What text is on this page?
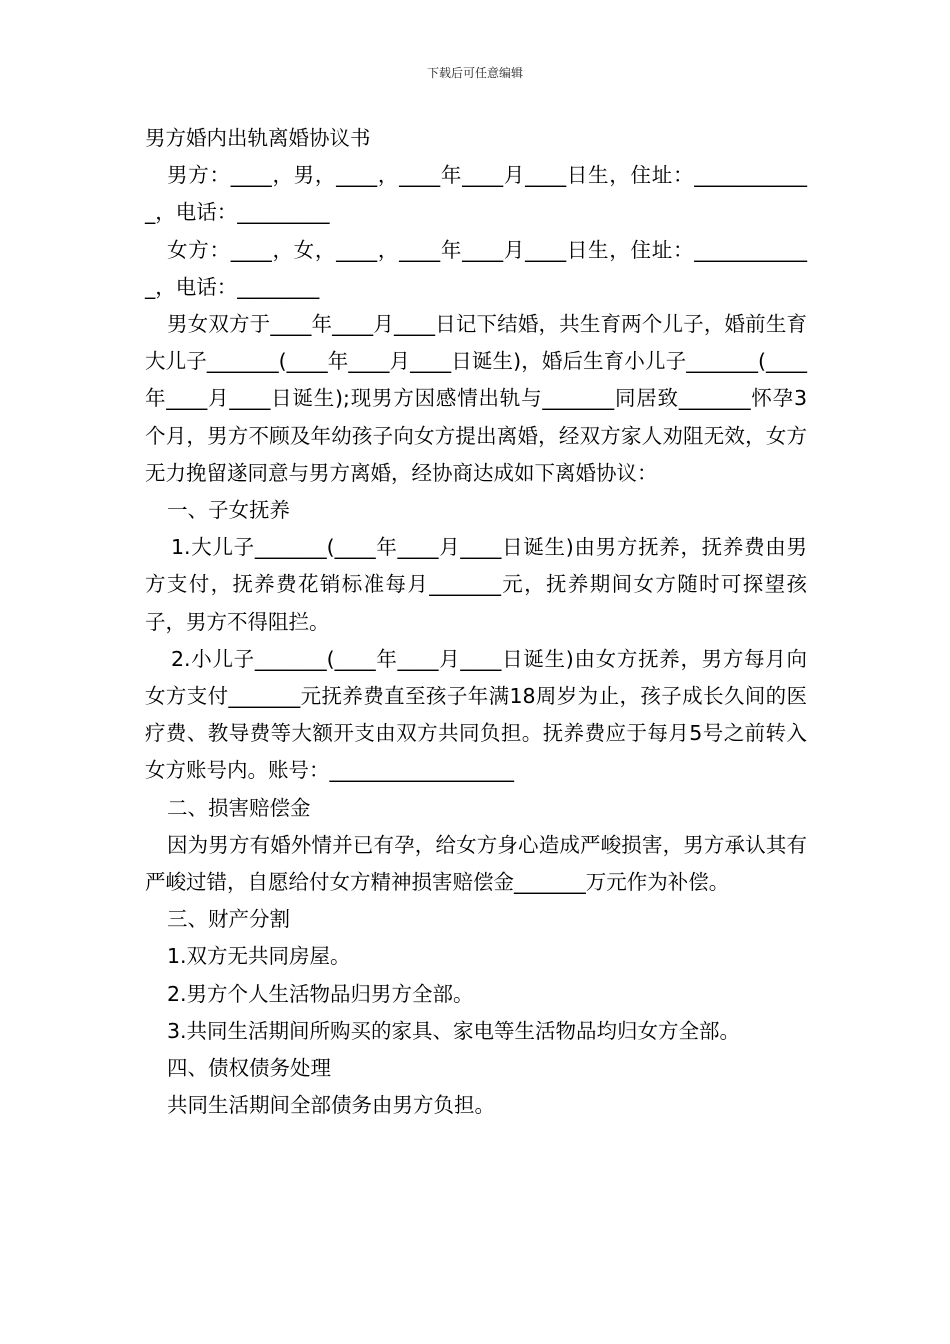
下载后可任意编辑

男方婚内出轨离婚协议书

男方：____，男，____，____年____月____日生，住址：____________，电话：_________

女方：____，女，____，____年____月____日生，住址：____________，电话：________

男女双方于____年____月____日记下结婚，共生育两个儿子，婚前生育大儿子_______(____年____月____日诞生)，婚后生育小儿子_______(____年____月____日诞生);现男方因感情出轨与_______同居致_______怀孕3个月，男方不顾及年幼孩子向女方提出离婚，经双方家人劝阻无效，女方无力挽留遂同意与男方离婚，经协商达成如下离婚协议：

一、子女抚养

1.大儿子_______(____年____月____日诞生)由男方抚养，抚养费由男方支付，抚养费花销标准每月_______元，抚养期间女方随时可探望孩子，男方不得阻拦。

2.小儿子_______(____年____月____日诞生)由女方抚养，男方每月向女方支付_______元抚养费直至孩子年满18周岁为止，孩子成长久间的医疗费、教导费等大额开支由双方共同负担。抚养费应于每月5号之前转入女方账号内。账号：__________________

二、损害赔偿金

因为男方有婚外情并已有孕，给女方身心造成严峻损害，男方承认其有严峻过错，自愿给付女方精神损害赔偿金_______万元作为补偿。

三、财产分割

1.双方无共同房屋。

2.男方个人生活物品归男方全部。

3.共同生活期间所购买的家具、家电等生活物品均归女方全部。

四、债权债务处理

共同生活期间全部债务由男方负担。
